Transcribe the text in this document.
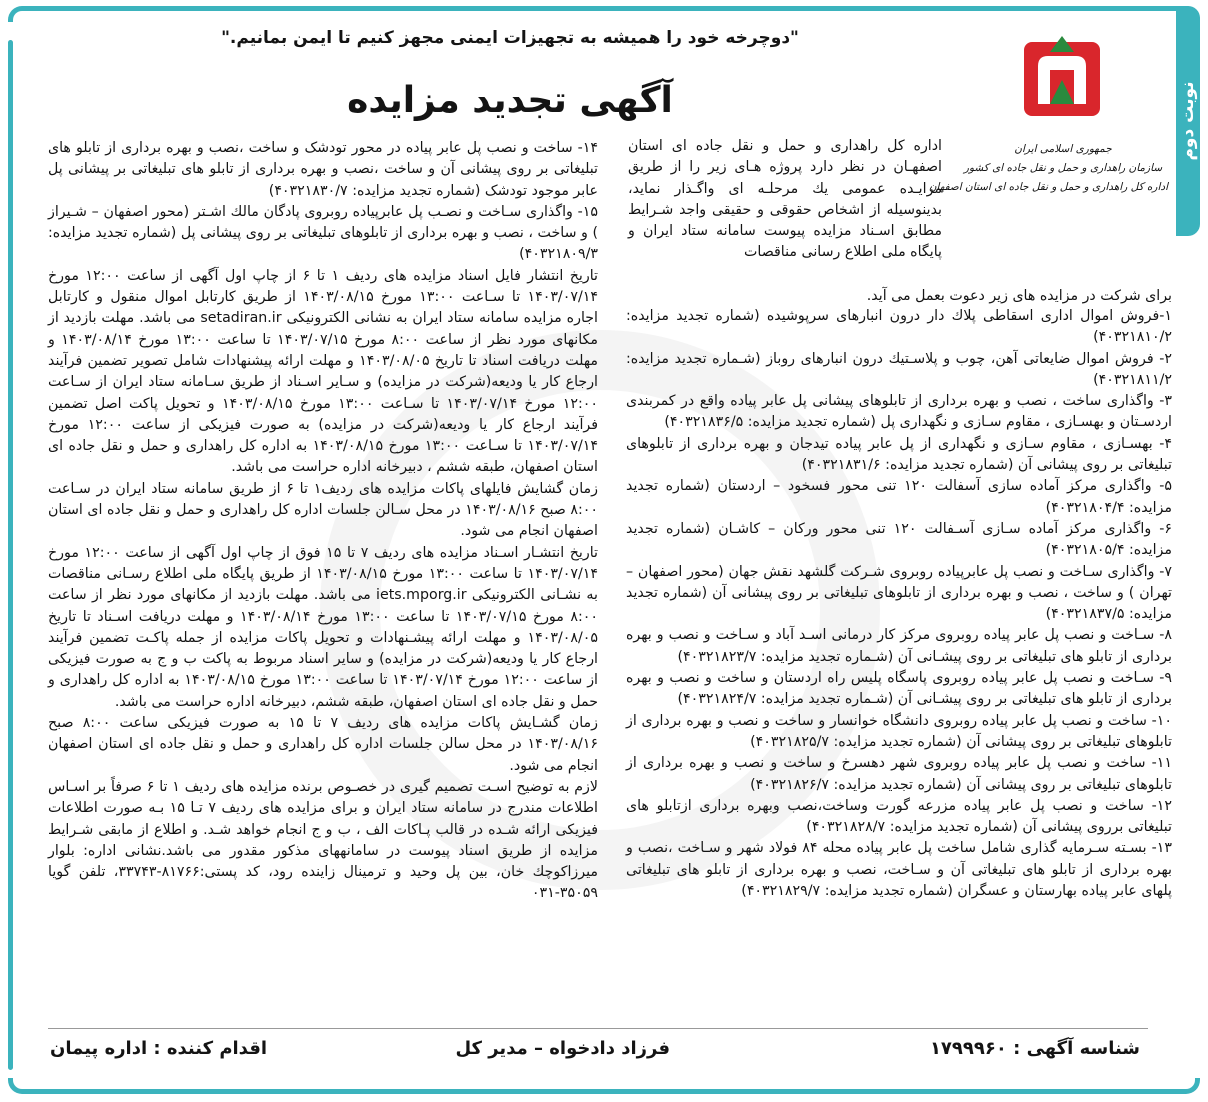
نوبت دوم
"دوچرخه خود را همیشه به تجهیزات ایمنی مجهز کنیم تا ایمن بمانیم."
آگهی تجدید مزایده
جمهوری اسلامی ایران
سازمان راهداری و حمل و نقل جاده ای کشور
اداره کل راهداری و حمل و نقل جاده ای استان اصفهان
اداره کل راهداری و حمل و نقل جاده ای استان اصفهـان در نظر دارد پروژه هـای زیر را از طریق مزایـده عمومی یك مرحلـه ای واگـذار نماید، بدینوسیله از اشخاص حقوقی و حقیقی واجد شـرایط مطابق اسـناد مزایده پیوست سامانه ستاد ایران و پایگاه ملی اطلاع رسانی مناقصات
برای شرکت در مزایده های زیر دعوت بعمل می آید.

۱-فروش اموال اداری اسقاطی پلاك دار درون انبارهای سرپوشیده (شماره تجدید مزایده: ۴۰۳۲۱۸۱۰/۲)

۲- فروش اموال ضایعاتی آهن، چوب و پلاسـتیك درون انبارهای روباز (شـماره تجدید مزایده: ۴۰۳۲۱۸۱۱/۲)

۳- واگذاری ساخت ، نصب و بهره برداری از تابلوهای پیشانی پل عابر پیاده واقع در کمربندی اردسـتان و بهسـازی ، مقاوم سـازی و نگهداری پل (شماره تجدید مزایده: ۴۰۳۲۱۸۳۶/۵)

۴- بهسـازی ، مقاوم سـازی و نگهداری از پل عابر پیاده تیدجان و بهره برداری از تابلوهای تبلیغاتی بر روی پیشانی آن (شماره تجدید مزایده: ۴۰۳۲۱۸۳۱/۶)

۵- واگذاری مرکز آماده سازی آسفالت ۱۲۰ تنی محور فسخود – اردستان (شماره تجدید مزایده: ۴۰۳۲۱۸۰۴/۴)

۶- واگذاری مرکز آماده سـازی آسـفالت ۱۲۰ تنی محور ورکان – کاشـان (شماره تجدید مزایده: ۴۰۳۲۱۸۰۵/۴)

۷- واگذاری سـاخت و نصب پل عابرپیاده روبروی شـرکت گلشهد نقش جهان (محور اصفهان – تهران ) و ساخت ، نصب و بهره برداری از تابلوهای تبلیغاتی بر روی پیشانی آن (شماره تجدید مزایده: ۴۰۳۲۱۸۳۷/۵)

۸- سـاخت و نصب پل عابر پیاده روبروی مرکز کار درمانی اسـد آباد و سـاخت و نصب و بهره برداری از تابلو های تبلیغاتی بر روی پیشـانی آن (شـماره تجدید مزایده: ۴۰۳۲۱۸۲۳/۷)

۹- سـاخت و نصب پل عابر پیاده روبروی پاسگاه پلیس راه اردستان و ساخت و نصب و بهره برداری از تابلو های تبلیغاتی بر روی پیشـانی آن (شـماره تجدید مزایده: ۴۰۳۲۱۸۲۴/۷)

۱۰- ساخت و نصب پل عابر پیاده روبروی دانشگاه خوانسار و ساخت و نصب و بهره برداری از تابلوهای تبلیغاتی بر روی پیشانی آن (شماره تجدید مزایده: ۴۰۳۲۱۸۲۵/۷)

۱۱- ساخت و نصب پل عابر پیاده روبروی شهر دهسرخ و ساخت و نصب و بهره برداری از تابلوهای تبلیغاتی بر روی پیشانی آن (شماره تجدید مزایده: ۴۰۳۲۱۸۲۶/۷)

۱۲- ساخت و نصب پل عابر پیاده مزرعه گورت وساخت،نصب وبهره برداری ازتابلو های تبلیغاتی برروی پیشانی آن (شماره تجدید مزایده: ۴۰۳۲۱۸۲۸/۷)

۱۳- بسـته سـرمایه گذاری شامل ساخت پل عابر پیاده محله ۸۴ فولاد شهر و سـاخت ،نصب و بهره برداری از تابلو های تبلیغاتی آن و سـاخت، نصب و بهره برداری از تابلو های تبلیغاتی پلهای عابر پیاده بهارستان و عسگران (شماره تجدید مزایده: ۴۰۳۲۱۸۲۹/۷)

۱۴- ساخت و نصب پل عابر پیاده در محور تودشک و ساخت ،نصب و بهره برداری از تابلو های تبلیغاتی بر روی پیشانی آن و ساخت ،نصب و بهره برداری از تابلو های تبلیغاتی بر پیشانی پل عابر موجود تودشک (شماره تجدید مزایده: ۴۰۳۲۱۸۳۰/۷)

۱۵- واگذاری سـاخت و نصـب پل عابرپیاده روبروی پادگان مالك اشـتر (محور اصفهان – شـیراز ) و ساخت ، نصب و بهره برداری از تابلوهای تبلیغاتی بر روی پیشانی پل (شماره تجدید مزایده: ۴۰۳۲۱۸۰۹/۳)

تاریخ انتشار فایل اسناد مزایده های ردیف ۱ تا ۶ از چاپ اول آگهی از ساعت ۱۲:۰۰ مورخ ۱۴۰۳/۰۷/۱۴ تا سـاعت ۱۳:۰۰ مورخ ۱۴۰۳/۰۸/۱۵ از طریق کارتابل اموال منقول و کارتابل اجاره مزایده سامانه ستاد ایران به نشانی الکترونیکی setadiran.ir می باشد. مهلت بازدید از مکانهای مورد نظر از ساعت ۸:۰۰ مورخ ۱۴۰۳/۰۷/۱۵ تا ساعت ۱۳:۰۰ مورخ ۱۴۰۳/۰۸/۱۴ و مهلت دریافت اسناد تا تاریخ ۱۴۰۳/۰۸/۰۵ و مهلت ارائه پیشنهادات شامل تصویر تضمین فرآیند ارجاع کار یا ودیعه(شرکت در مزایده) و سـایر اسـناد از طریق سـامانه ستاد ایران از سـاعت ۱۲:۰۰ مورخ ۱۴۰۳/۰۷/۱۴ تا سـاعت ۱۳:۰۰ مورخ ۱۴۰۳/۰۸/۱۵ و تحویل پاکت اصل تضمین فرآیند ارجاع کار یا ودیعه(شرکت در مزایده) به صورت فیزیکی از ساعت ۱۲:۰۰ مورخ ۱۴۰۳/۰۷/۱۴ تا سـاعت ۱۳:۰۰ مورخ ۱۴۰۳/۰۸/۱۵ به اداره کل راهداری و حمل و نقل جاده ای استان اصفهان، طبقه ششم ، دبیرخانه اداره حراست می باشد.

زمان گشایش فایلهای پاکات مزایده های ردیف۱ تا ۶ از طریق سامانه ستاد ایران در سـاعت ۸:۰۰ صبح ۱۴۰۳/۰۸/۱۶ در محل سـالن جلسات اداره کل راهداری و حمل و نقل جاده ای استان اصفهان انجام می شود.

تاریخ انتشـار اسـناد مزایده های ردیف ۷ تا ۱۵ فوق از چاپ اول آگهی از ساعت ۱۲:۰۰ مورخ ۱۴۰۳/۰۷/۱۴ تا ساعت ۱۳:۰۰ مورخ ۱۴۰۳/۰۸/۱۵ از طریق پایگاه ملی اطلاع رسـانی مناقصات به نشـانی الکترونیکی iets.mporg.ir می باشد. مهلت بازدید از مکانهای مورد نظر از ساعت ۸:۰۰ مورخ ۱۴۰۳/۰۷/۱۵ تا ساعت ۱۳:۰۰ مورخ ۱۴۰۳/۰۸/۱۴ و مهلت دریافت اسـناد تا تاریخ ۱۴۰۳/۰۸/۰۵ و مهلت ارائه پیشـنهادات و تحویل پاکات مزایده از جمله پاکـت تضمین فرآیند ارجاع کار یا ودیعه(شرکت در مزایده) و سایر اسناد مربوط به پاکت ب و ج به صورت فیزیکی از ساعت ۱۲:۰۰ مورخ ۱۴۰۳/۰۷/۱۴ تا ساعت ۱۳:۰۰ مورخ ۱۴۰۳/۰۸/۱۵ به اداره کل راهداری و حمل و نقل جاده ای استان اصفهان، طبقه ششم، دبیرخانه اداره حراست می باشد.

زمان گشـایش پاکات مزایده های ردیف ۷ تا ۱۵ به صورت فیزیکی ساعت ۸:۰۰ صبح ۱۴۰۳/۰۸/۱۶ در محل سالن جلسات اداره کل راهداری و حمل و نقل جاده ای استان اصفهان انجام می شود.

لازم به توضیح اسـت تصمیم گیری در خصـوص برنده مزایده های ردیف ۱ تا ۶ صرفاً بر اسـاس اطلاعات مندرج در سامانه ستاد ایران و برای مزایده های ردیف ۷ تـا ۱۵ بـه صورت اطلاعات فیزیکی ارائه شـده در قالب پـاکات الف ، ب و ج انجام خواهد شـد. و اطلاع از مابقی شـرایط مزایده از طریق اسناد پیوست در سامانههای مذکور مقدور می باشد.نشانی اداره: بلوار میرزاکوچك خان، بین پل وحید و ترمینال زاینده رود، کد پستی:۸۱۷۶۶-۳۳۷۴۳، تلفن گویا ۳۵۰۵۹-۰۳۱

شناسه آگهی : ۱۷۹۹۹۶۰
فرزاد دادخواه – مدیر کل
اقدام کننده : اداره پیمان
